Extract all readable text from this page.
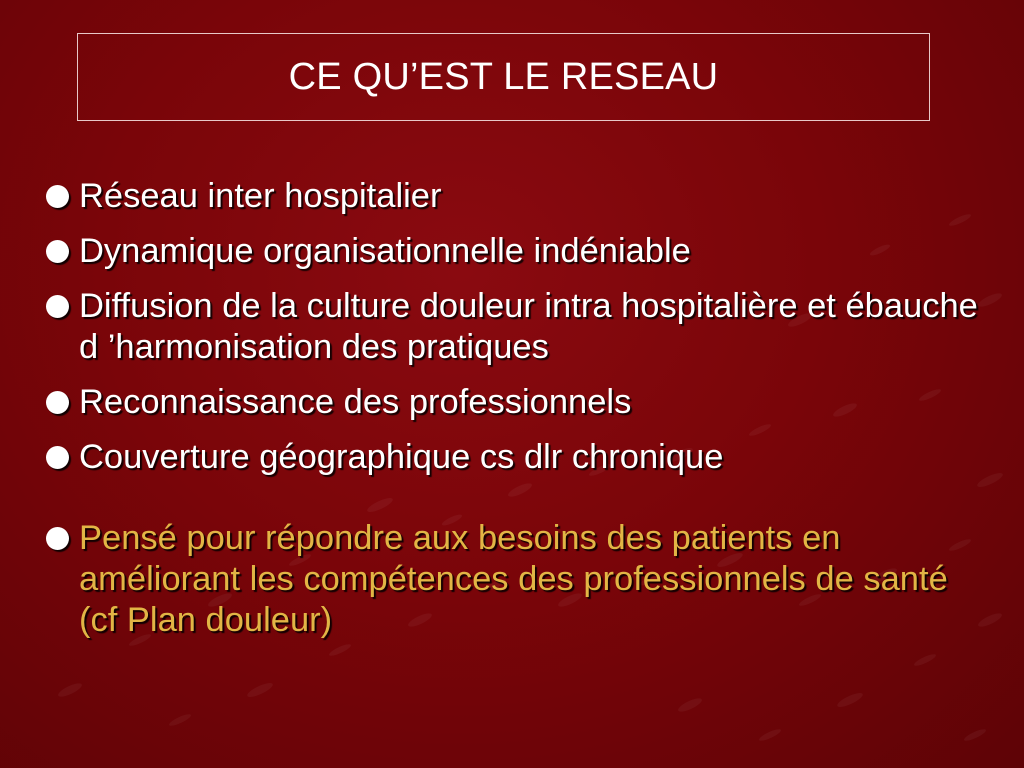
CE QU’EST LE RESEAU
Réseau inter hospitalier
Dynamique organisationnelle indéniable
Diffusion de la culture douleur intra hospitalière et ébauche d ’harmonisation des pratiques
Reconnaissance des professionnels
Couverture géographique cs dlr chronique
Pensé pour répondre aux besoins des patients en améliorant les compétences des professionnels de santé (cf Plan douleur)
